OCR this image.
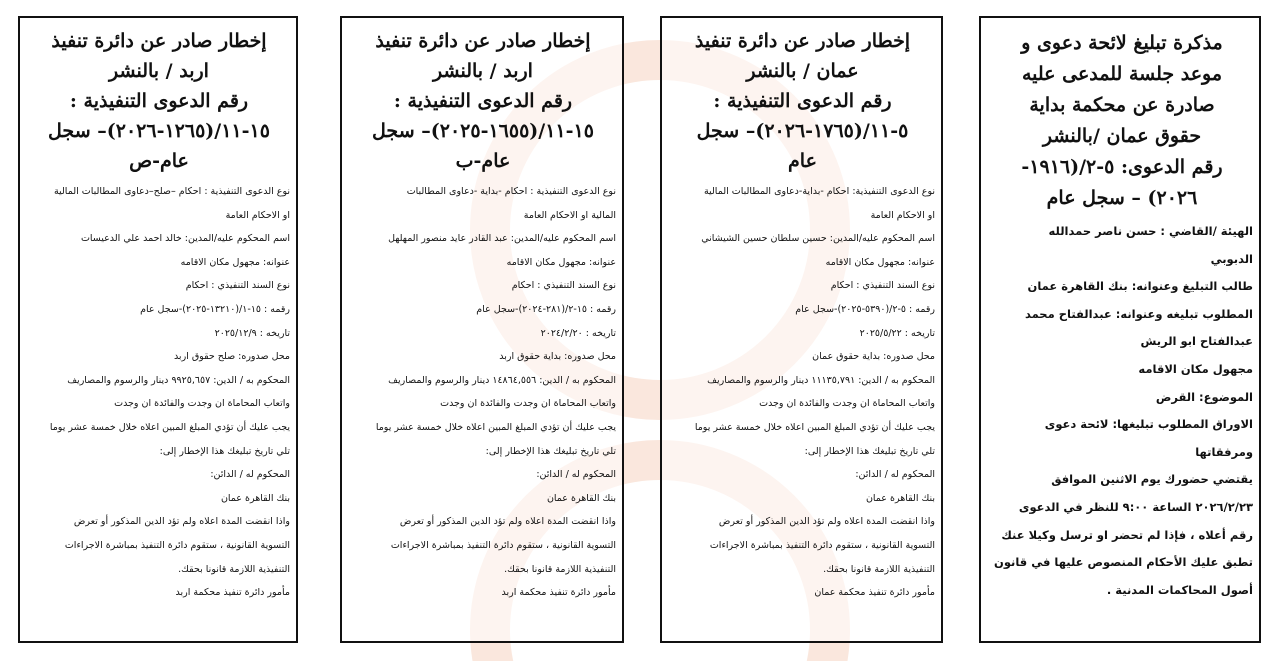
مذكرة تبليغ لائحة دعوى و
موعد جلسة للمدعى عليه
صادرة عن محكمة بداية
حقوق عمان /بالنشر
رقم الدعوى: ٥-٢/(١٩١٦-
٢٠٢٦) – سجل عام
الهيئة /القاضي : حسن ناصر حمدالله
الدبوبي
طالب التبليغ وعنوانه: بنك القاهرة عمان
المطلوب تبليغه وعنوانه: عبدالفتاح محمد
عبدالفتاح ابو الريش
مجهول مكان الاقامه
الموضوع: القرض
الاوراق المطلوب تبليغها: لائحة دعوى
ومرفقاتها
يقتضي حضورك يوم الاثنين الموافق
٢٠٢٦/٢/٢٣ الساعة ٩:٠٠ للنظر في الدعوى
رقم أعلاه ، فإذا لم تحضر او ترسل وكيلا عنك
تطبق عليك الأحكام المنصوص عليها في قانون
أصول المحاكمات المدنية .
إخطار صادر عن دائرة تنفيذ
عمان / بالنشر
رقم الدعوى التنفيذية :
٥-١١/(١٧٦٥-٢٠٢٦)– سجل
عام
نوع الدعوى التنفيذية: احكام -بداية-دعاوى المطالبات المالية
او الاحكام العامة
اسم المحكوم عليه/المدين: حسين سلطان حسين الشيشاني
عنوانه: مجهول مكان الاقامه
نوع السند التنفيذي : احكام
رقمه : ٥-٢/(٥٣٩٠-٢٠٢٥)-سجل عام
تاريخه : ٢٠٢٥/٥/٢٢
محل صدوره: بداية حقوق عمان
المحكوم به / الدين: ١١١٣٥,٧٩١ دينار والرسوم والمصاريف
واتعاب المحاماة ان وجدت والفائدة ان وجدت
يجب عليك أن تؤدي المبلغ المبين اعلاه خلال خمسة عشر يوما
تلي تاريخ تبليغك هذا الإخطار إلى:
المحكوم له / الدائن:
بنك القاهرة عمان
واذا انقضت المدة اعلاه ولم تؤد الدين المذكور أو تعرض
التسوية القانونية ، ستقوم دائرة التنفيذ بمباشرة الاجراءات
التنفيذية اللازمة قانونا بحقك.
مأمور دائرة تنفيذ محكمة عمان
إخطار صادر عن دائرة تنفيذ
اربد / بالنشر
رقم الدعوى التنفيذية :
١٥-١١/(١٦٥٥-٢٠٢٥)– سجل
عام-ب
نوع الدعوى التنفيذية : احكام -بداية -دعاوى المطالبات
المالية او الاحكام العامة
اسم المحكوم عليه/المدين: عبد القادر عايد منصور المهلهل
عنوانه: مجهول مكان الاقامه
نوع السند التنفيذي : احكام
رقمه : ١٥-٢/(٢٨١-٢٠٢٤)-سجل عام
تاريخه : ٢٠٢٤/٢/٢٠
محل صدوره: بداية حقوق اربد
المحكوم به / الدين: ١٤٨٦٤,٥٥٦ دينار والرسوم والمصاريف
واتعاب المحاماة ان وجدت والفائدة ان وجدت
يجب عليك أن تؤدي المبلغ المبين اعلاه خلال خمسة عشر يوما
تلي تاريخ تبليغك هذا الإخطار إلى:
المحكوم له / الدائن:
بنك القاهرة عمان
واذا انقضت المدة اعلاه ولم تؤد الدين المذكور أو تعرض
التسوية القانونية ، ستقوم دائرة التنفيذ بمباشرة الاجراءات
التنفيذية اللازمة قانونا بحقك.
مأمور دائرة تنفيذ محكمة اربد
إخطار صادر عن دائرة تنفيذ
اربد / بالنشر
رقم الدعوى التنفيذية :
١٥-١١/(١٢٦٥-٢٠٢٦)– سجل
عام-ص
نوع الدعوى التنفيذية : احكام –صلح–دعاوى المطالبات المالية
او الاحكام العامة
اسم المحكوم عليه/المدين: خالد احمد علي الدعيسات
عنوانه: مجهول مكان الاقامه
نوع السند التنفيذي : احكام
رقمه : ١٥-١/(١٣٢١٠-٢٠٢٥)-سجل عام
تاريخه : ٢٠٢٥/١٢/٩
محل صدوره: صلح حقوق اربد
المحكوم به / الدين: ٩٩٢٥,٦٥٧ دينار والرسوم والمصاريف
واتعاب المحاماة ان وجدت والفائدة ان وجدت
يجب عليك أن تؤدي المبلغ المبين اعلاه خلال خمسة عشر يوما
تلي تاريخ تبليغك هذا الإخطار إلى:
المحكوم له / الدائن:
بنك القاهرة عمان
واذا انقضت المدة اعلاه ولم تؤد الدين المذكور أو تعرض
التسوية القانونية ، ستقوم دائرة التنفيذ بمباشرة الاجراءات
التنفيذية اللازمة قانونا بحقك.
مأمور دائرة تنفيذ محكمة اربد
